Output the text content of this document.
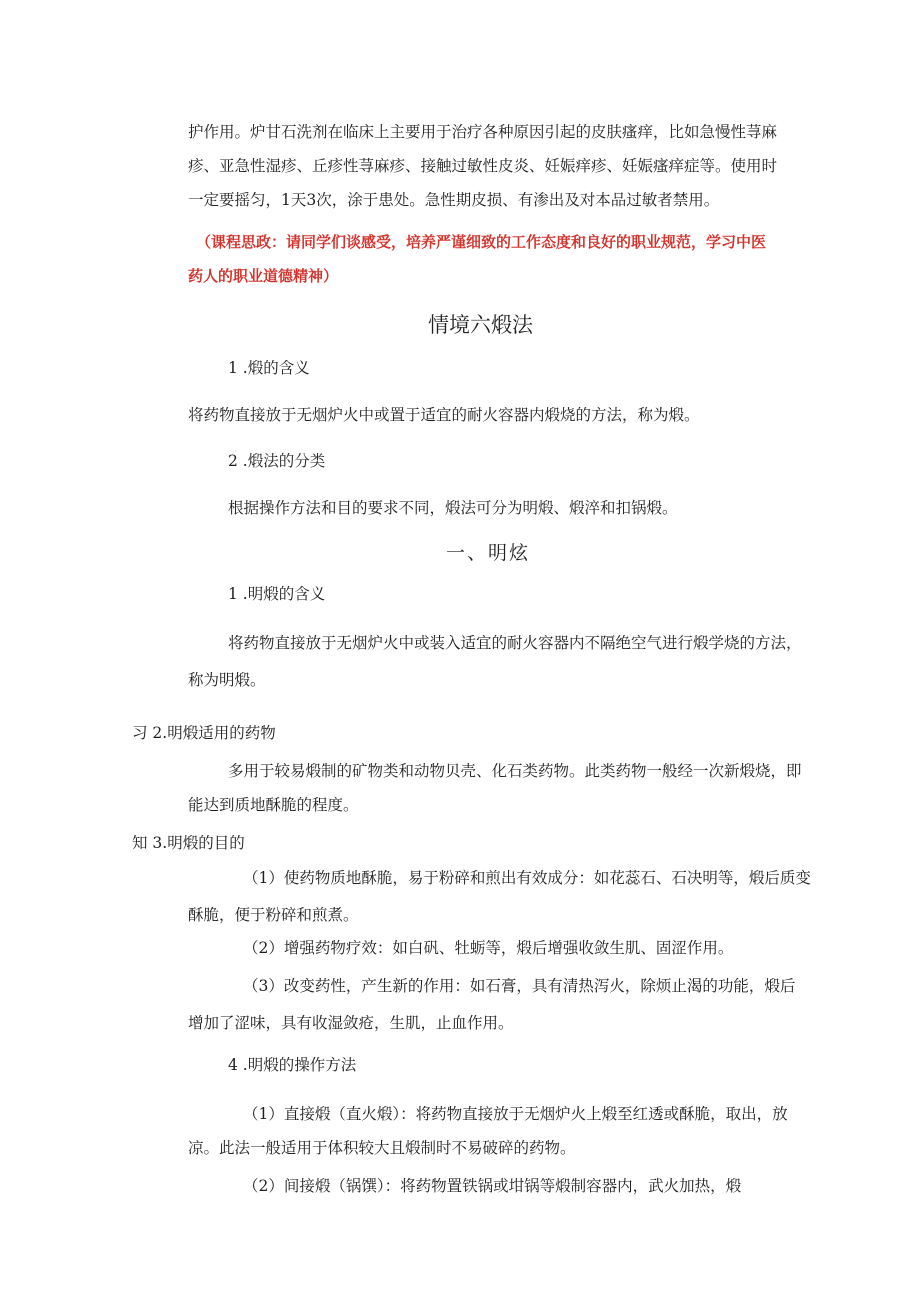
护作用。炉甘石洗剂在临床上主要用于治疗各种原因引起的皮肤瘙痒，比如急慢性荨麻
疹、亚急性湿疹、丘疹性荨麻疹、接触过敏性皮炎、妊娠痒疹、妊娠瘙痒症等。使用时
一定要摇匀，1天3次，涂于患处。急性期皮损、有渗出及对本品过敏者禁用。
（课程思政：请同学们谈感受，培养严谨细致的工作态度和良好的职业规范，学习中医
药人的职业道德精神）
情境六煅法
1 .煅的含义
将药物直接放于无烟炉火中或置于适宜的耐火容器内煅烧的方法，称为煅。
2 .煅法的分类
根据操作方法和目的要求不同，煅法可分为明煅、煅淬和扣锅煅。
一、明炫
1 .明煅的含义
将药物直接放于无烟炉火中或装入适宜的耐火容器内不隔绝空气进行煅学烧的方法，
称为明煅。
习 2.明煅适用的药物
多用于较易煅制的矿物类和动物贝壳、化石类药物。此类药物一般经一次新煅烧，即
能达到质地酥脆的程度。
知 3.明煅的目的
（1）使药物质地酥脆，易于粉碎和煎出有效成分：如花蕊石、石决明等，煅后质变
酥脆，便于粉碎和煎煮。
（2）增强药物疗效：如白矾、牡蛎等，煅后增强收敛生肌、固涩作用。
（3）改变药性，产生新的作用：如石膏，具有清热泻火，除烦止渴的功能，煅后
增加了涩味，具有收湿敛疮，生肌，止血作用。
4 .明煅的操作方法
（1）直接煅（直火煅）：将药物直接放于无烟炉火上煅至红透或酥脆，取出，放
凉。此法一般适用于体积较大且煅制时不易破碎的药物。
（2）间接煅（锅馔）：将药物置铁锅或坩锅等煅制容器内，武火加热，煅
